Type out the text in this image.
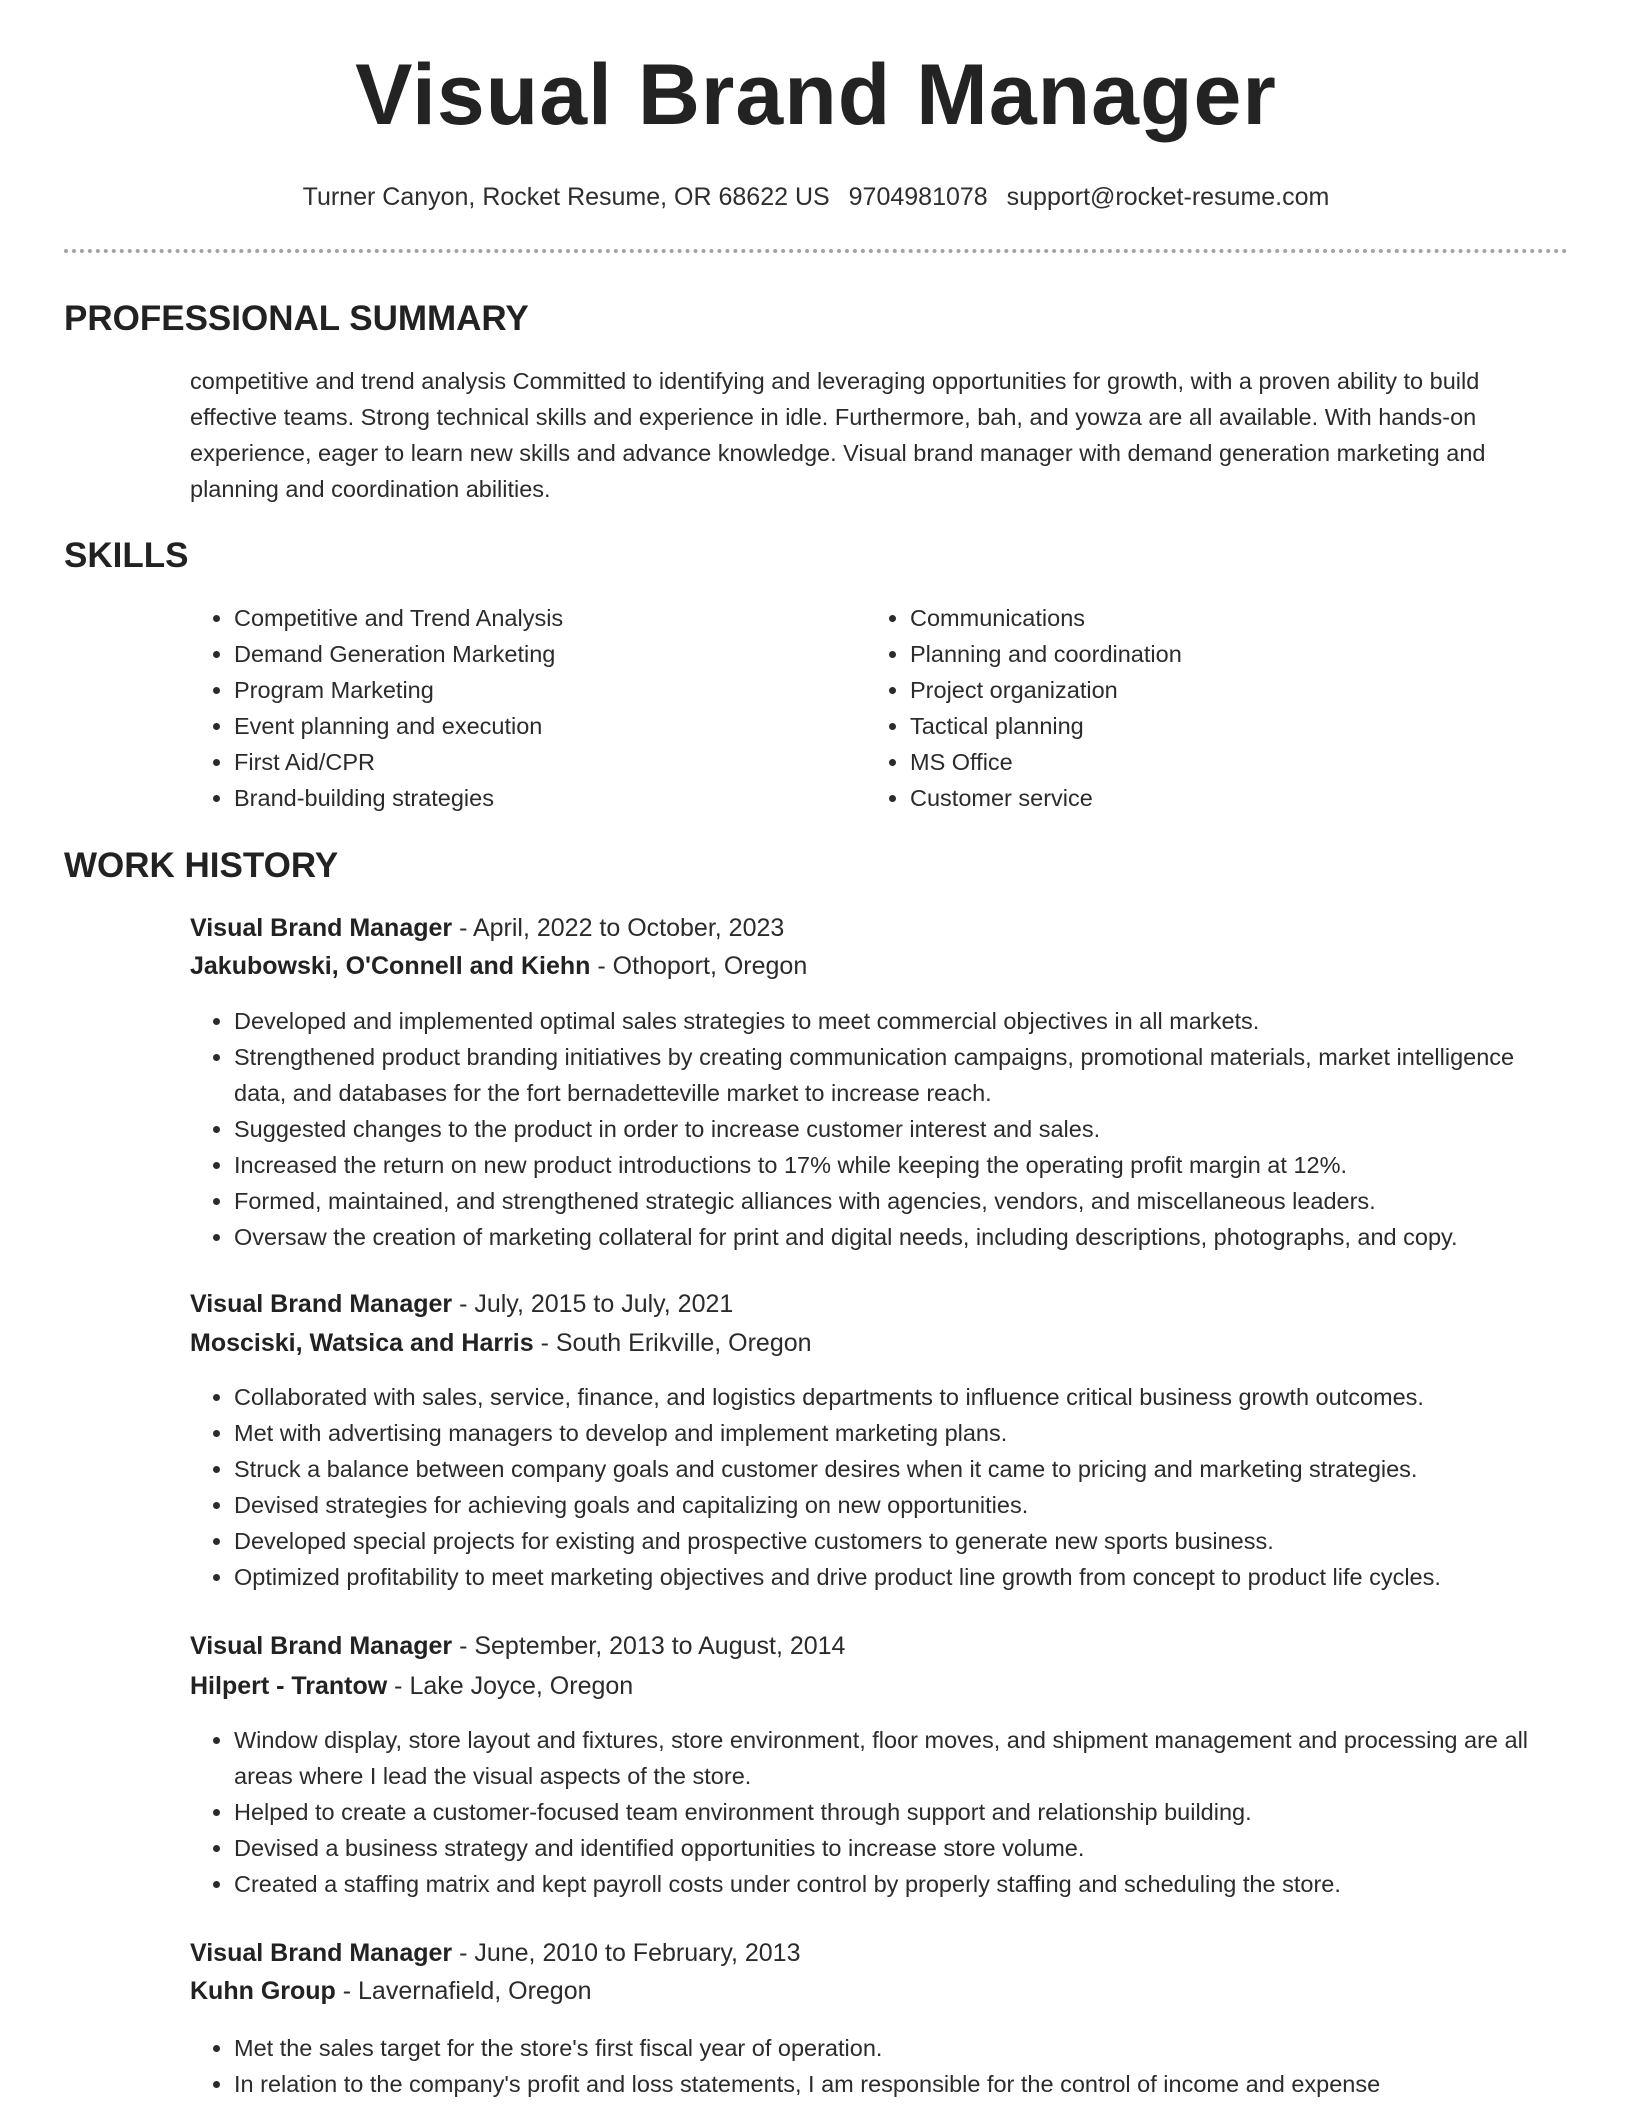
Visual Brand Manager
Turner Canyon, Rocket Resume, OR 68622 US 9704981078 support@rocket-resume.com
PROFESSIONAL SUMMARY
competitive and trend analysis Committed to identifying and leveraging opportunities for growth, with a proven ability to build effective teams. Strong technical skills and experience in idle. Furthermore, bah, and yowza are all available. With hands-on experience, eager to learn new skills and advance knowledge. Visual brand manager with demand generation marketing and planning and coordination abilities.
SKILLS
• Competitive and Trend Analysis
• Demand Generation Marketing
• Program Marketing
• Event planning and execution
• First Aid/CPR
• Brand-building strategies
• Communications
• Planning and coordination
• Project organization
• Tactical planning
• MS Office
• Customer service
WORK HISTORY
Visual Brand Manager - April, 2022 to October, 2023
Jakubowski, O'Connell and Kiehn - Othoport, Oregon
• Developed and implemented optimal sales strategies to meet commercial objectives in all markets.
• Strengthened product branding initiatives by creating communication campaigns, promotional materials, market intelligence data, and databases for the fort bernadetteville market to increase reach.
• Suggested changes to the product in order to increase customer interest and sales.
• Increased the return on new product introductions to 17% while keeping the operating profit margin at 12%.
• Formed, maintained, and strengthened strategic alliances with agencies, vendors, and miscellaneous leaders.
• Oversaw the creation of marketing collateral for print and digital needs, including descriptions, photographs, and copy.
Visual Brand Manager - July, 2015 to July, 2021
Mosciski, Watsica and Harris - South Erikville, Oregon
• Collaborated with sales, service, finance, and logistics departments to influence critical business growth outcomes.
• Met with advertising managers to develop and implement marketing plans.
• Struck a balance between company goals and customer desires when it came to pricing and marketing strategies.
• Devised strategies for achieving goals and capitalizing on new opportunities.
• Developed special projects for existing and prospective customers to generate new sports business.
• Optimized profitability to meet marketing objectives and drive product line growth from concept to product life cycles.
Visual Brand Manager - September, 2013 to August, 2014
Hilpert - Trantow - Lake Joyce, Oregon
• Window display, store layout and fixtures, store environment, floor moves, and shipment management and processing are all areas where I lead the visual aspects of the store.
• Helped to create a customer-focused team environment through support and relationship building.
• Devised a business strategy and identified opportunities to increase store volume.
• Created a staffing matrix and kept payroll costs under control by properly staffing and scheduling the store.
Visual Brand Manager - June, 2010 to February, 2013
Kuhn Group - Lavernafield, Oregon
• Met the sales target for the store's first fiscal year of operation.
• In relation to the company's profit and loss statements, I am responsible for the control of income and expense
